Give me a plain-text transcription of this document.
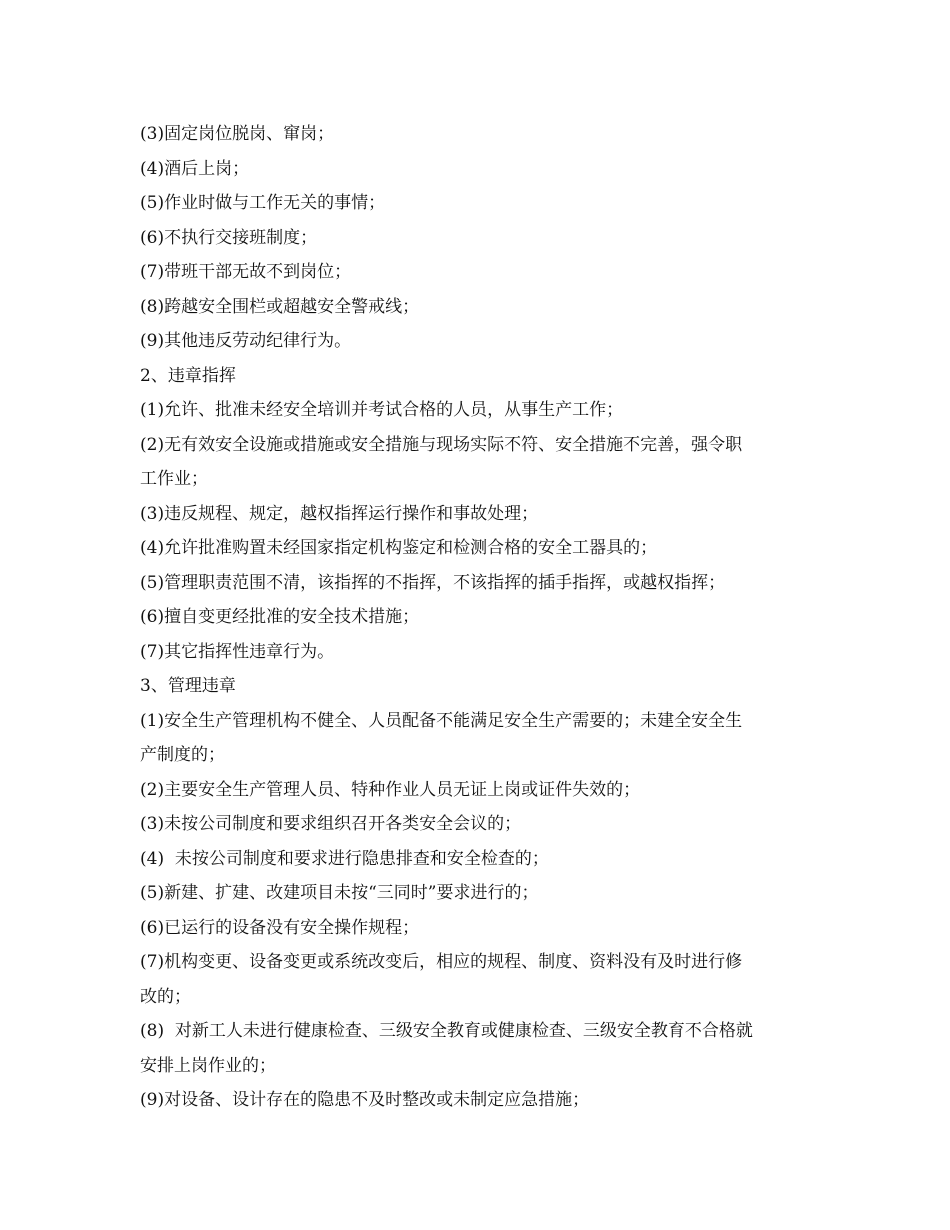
(3)固定岗位脱岗、窜岗；
(4)酒后上岗；
(5)作业时做与工作无关的事情；
(6)不执行交接班制度；
(7)带班干部无故不到岗位；
(8)跨越安全围栏或超越安全警戒线；
(9)其他违反劳动纪律行为。
2、违章指挥
(1)允许、批准未经安全培训并考试合格的人员，从事生产工作；
(2)无有效安全设施或措施或安全措施与现场实际不符、安全措施不完善，强令职
工作业；
(3)违反规程、规定，越权指挥运行操作和事故处理；
(4)允许批准购置未经国家指定机构鉴定和检测合格的安全工器具的；
(5)管理职责范围不清，该指挥的不指挥，不该指挥的插手指挥，或越权指挥；
(6)擅自变更经批准的安全技术措施；
(7)其它指挥性违章行为。
3、管理违章
(1)安全生产管理机构不健全、人员配备不能满足安全生产需要的；未建全安全生
产制度的；
(2)主要安全生产管理人员、特种作业人员无证上岗或证件失效的；
(3)未按公司制度和要求组织召开各类安全会议的；
(4)  未按公司制度和要求进行隐患排查和安全检查的；
(5)新建、扩建、改建项目未按“三同时”要求进行的；
(6)已运行的设备没有安全操作规程；
(7)机构变更、设备变更或系统改变后，相应的规程、制度、资料没有及时进行修
改的；
(8)  对新工人未进行健康检查、三级安全教育或健康检查、三级安全教育不合格就
安排上岗作业的；
(9)对设备、设计存在的隐患不及时整改或未制定应急措施；
